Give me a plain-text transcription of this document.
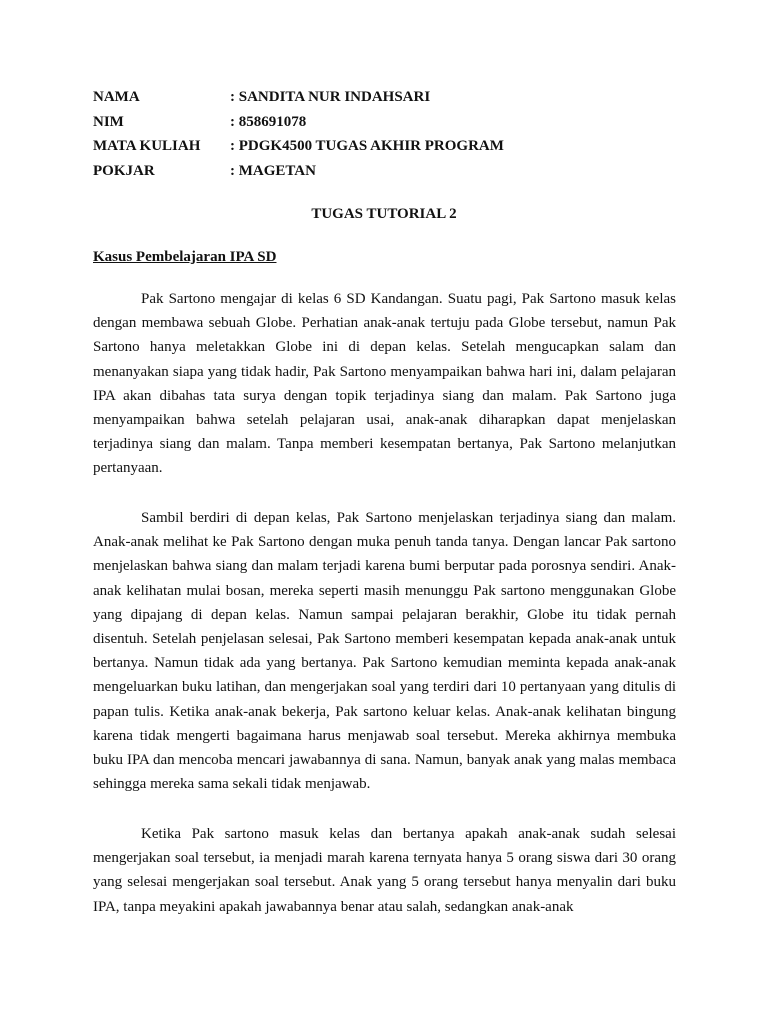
NAMA	: SANDITA NUR INDAHSARI
NIM	: 858691078
MATA KULIAH : PDGK4500 TUGAS AKHIR PROGRAM
POKJAR	: MAGETAN
TUGAS TUTORIAL 2
Kasus Pembelajaran IPA SD

Pak Sartono mengajar di kelas 6 SD Kandangan. Suatu pagi, Pak Sartono masuk kelas dengan membawa sebuah Globe. Perhatian anak-anak tertuju pada Globe tersebut, namun Pak Sartono hanya meletakkan Globe ini di depan kelas. Setelah mengucapkan salam dan menanyakan siapa yang tidak hadir, Pak Sartono menyampaikan bahwa hari ini, dalam pelajaran IPA akan dibahas tata surya dengan topik terjadinya siang dan malam. Pak Sartono juga menyampaikan bahwa setelah pelajaran usai, anak-anak diharapkan dapat menjelaskan terjadinya siang dan malam. Tanpa memberi kesempatan bertanya, Pak Sartono melanjutkan pertanyaan.

Sambil berdiri di depan kelas, Pak Sartono menjelaskan terjadinya siang dan malam. Anak-anak melihat ke Pak Sartono dengan muka penuh tanda tanya. Dengan lancar Pak sartono menjelaskan bahwa siang dan malam terjadi karena bumi berputar pada porosnya sendiri. Anak-anak kelihatan mulai bosan, mereka seperti masih menunggu Pak sartono menggunakan Globe yang dipajang di depan kelas. Namun sampai pelajaran berakhir, Globe itu tidak pernah disentuh. Setelah penjelasan selesai, Pak Sartono memberi kesempatan kepada anak-anak untuk bertanya. Namun tidak ada yang bertanya. Pak Sartono kemudian meminta kepada anak-anak mengeluarkan buku latihan, dan mengerjakan soal yang terdiri dari 10 pertanyaan yang ditulis di papan tulis. Ketika anak-anak bekerja, Pak sartono keluar kelas. Anak-anak kelihatan bingung karena tidak mengerti bagaimana harus menjawab soal tersebut. Mereka akhirnya membuka buku IPA dan mencoba mencari jawabannya di sana. Namun, banyak anak yang malas membaca sehingga mereka sama sekali tidak menjawab.

Ketika Pak sartono masuk kelas dan bertanya apakah anak-anak sudah selesai mengerjakan soal tersebut, ia menjadi marah karena ternyata hanya 5 orang siswa dari 30 orang yang selesai mengerjakan soal tersebut. Anak yang 5 orang tersebut hanya menyalin dari buku IPA, tanpa meyakini apakah jawabannya benar atau salah, sedangkan anak-anak
